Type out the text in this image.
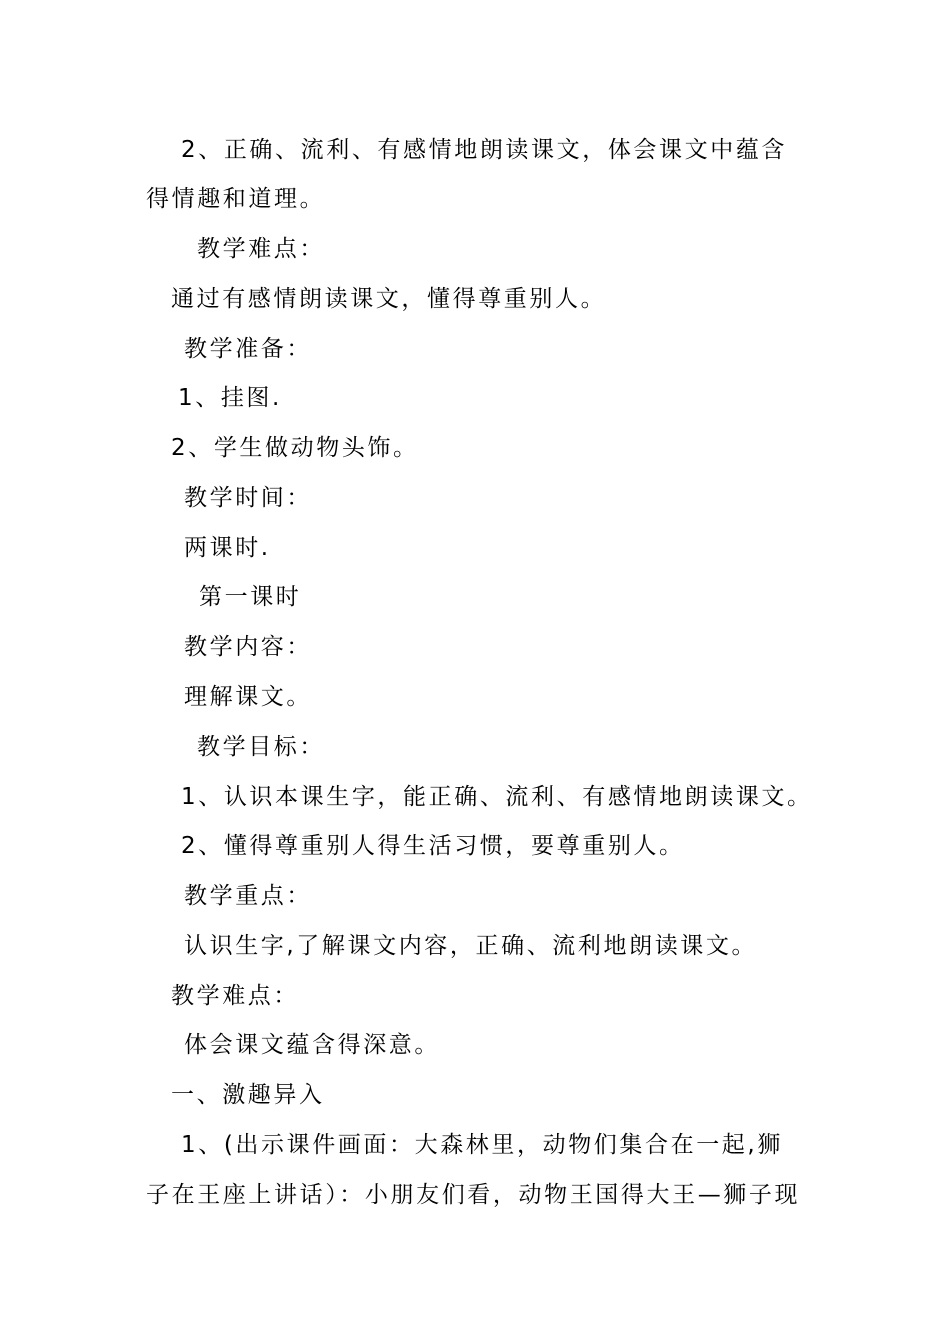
2、正确、流利、有感情地朗读课文，体会课文中蕴含
得情趣和道理。
教学难点：
通过有感情朗读课文，懂得尊重别人。
教学准备：
1、挂图.
2、学生做动物头饰。
教学时间：
两课时.
第一课时
教学内容：
理解课文。
教学目标：
1、认识本课生字，能正确、流利、有感情地朗读课文。
2、懂得尊重别人得生活习惯，要尊重别人。
教学重点：
认识生字,了解课文内容，正确、流利地朗读课文。
教学难点：
体会课文蕴含得深意。
一、激趣异入
1、(出示课件画面：大森林里，动物们集合在一起,狮
子在王座上讲话）：小朋友们看，动物王国得大王—狮子现
